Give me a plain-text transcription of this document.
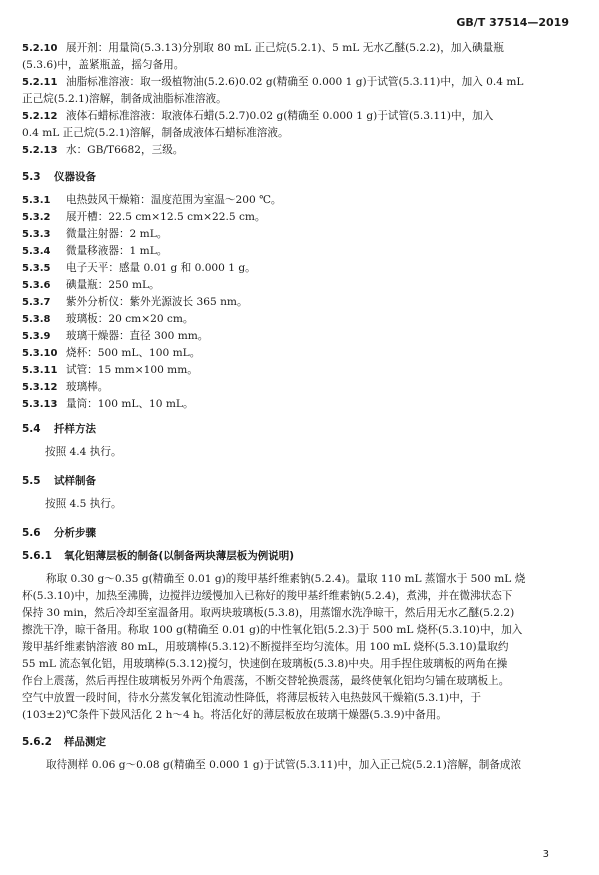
GB/T 37514—2019
5.2.10 展开剂：用量筒(5.3.13)分别取 80 mL 正己烷(5.2.1)、5 mL 无水乙醚(5.2.2)，加入碘量瓶
(5.3.6)中，盖紧瓶盖，摇匀备用。
5.2.11 油脂标准溶液：取一级植物油(5.2.6)0.02 g(精确至 0.000 1 g)于试管(5.3.11)中，加入 0.4 mL
正己烷(5.2.1)溶解，制备成油脂标准溶液。
5.2.12 液体石蜡标准溶液：取液体石蜡(5.2.7)0.02 g(精确至 0.000 1 g)于试管(5.3.11)中，加入
0.4 mL 正己烷(5.2.1)溶解，制备成液体石蜡标准溶液。
5.2.13 水：GB/T6682，三级。
5.3 仪器设备
5.3.1 电热鼓风干燥箱：温度范围为室温～200 ℃。
5.3.2 展开槽：22.5 cm×12.5 cm×22.5 cm。
5.3.3 微量注射器：2 mL。
5.3.4 微量移液器：1 mL。
5.3.5 电子天平：感量 0.01 g 和 0.000 1 g。
5.3.6 碘量瓶：250 mL。
5.3.7 紫外分析仪：紫外光源波长 365 nm。
5.3.8 玻璃板：20 cm×20 cm。
5.3.9 玻璃干燥器：直径 300 mm。
5.3.10 烧杯：500 mL、100 mL。
5.3.11 试管：15 mm×100 mm。
5.3.12 玻璃棒。
5.3.13 量筒：100 mL、10 mL。
5.4 扦样方法
按照 4.4 执行。
5.5 试样制备
按照 4.5 执行。
5.6 分析步骤
5.6.1 氧化铝薄层板的制备(以制备两块薄层板为例说明)
称取 0.30 g～0.35 g(精确至 0.01 g)的羧甲基纤维素钠(5.2.4)。量取 110 mL 蒸馏水于 500 mL 烧
杯(5.3.10)中，加热至沸腾，边搅拌边缓慢加入已称好的羧甲基纤维素钠(5.2.4)，煮沸，并在微沸状态下
保持 30 min，然后冷却至室温备用。取两块玻璃板(5.3.8)，用蒸馏水洗净晾干，然后用无水乙醚(5.2.2)
擦洗干净，晾干备用。称取 100 g(精确至 0.01 g)的中性氧化铝(5.2.3)于 500 mL 烧杯(5.3.10)中，加入
羧甲基纤维素钠溶液 80 mL，用玻璃棒(5.3.12)不断搅拌至均匀流体。用 100 mL 烧杯(5.3.10)量取约
55 mL 流态氧化铝，用玻璃棒(5.3.12)搅匀，快速倒在玻璃板(5.3.8)中央。用手捏住玻璃板的两角在操
作台上震荡，然后再捏住玻璃板另外两个角震荡，不断交替轮换震荡，最终使氧化铝均匀铺在玻璃板上。
空气中放置一段时间，待水分蒸发氧化铝流动性降低，将薄层板转入电热鼓风干燥箱(5.3.1)中，于
(103±2)℃条件下鼓风活化 2 h～4 h。将活化好的薄层板放在玻璃干燥器(5.3.9)中备用。
5.6.2 样品测定
取待测样 0.06 g～0.08 g(精确至 0.000 1 g)于试管(5.3.11)中，加入正己烷(5.2.1)溶解，制备成浓
3
